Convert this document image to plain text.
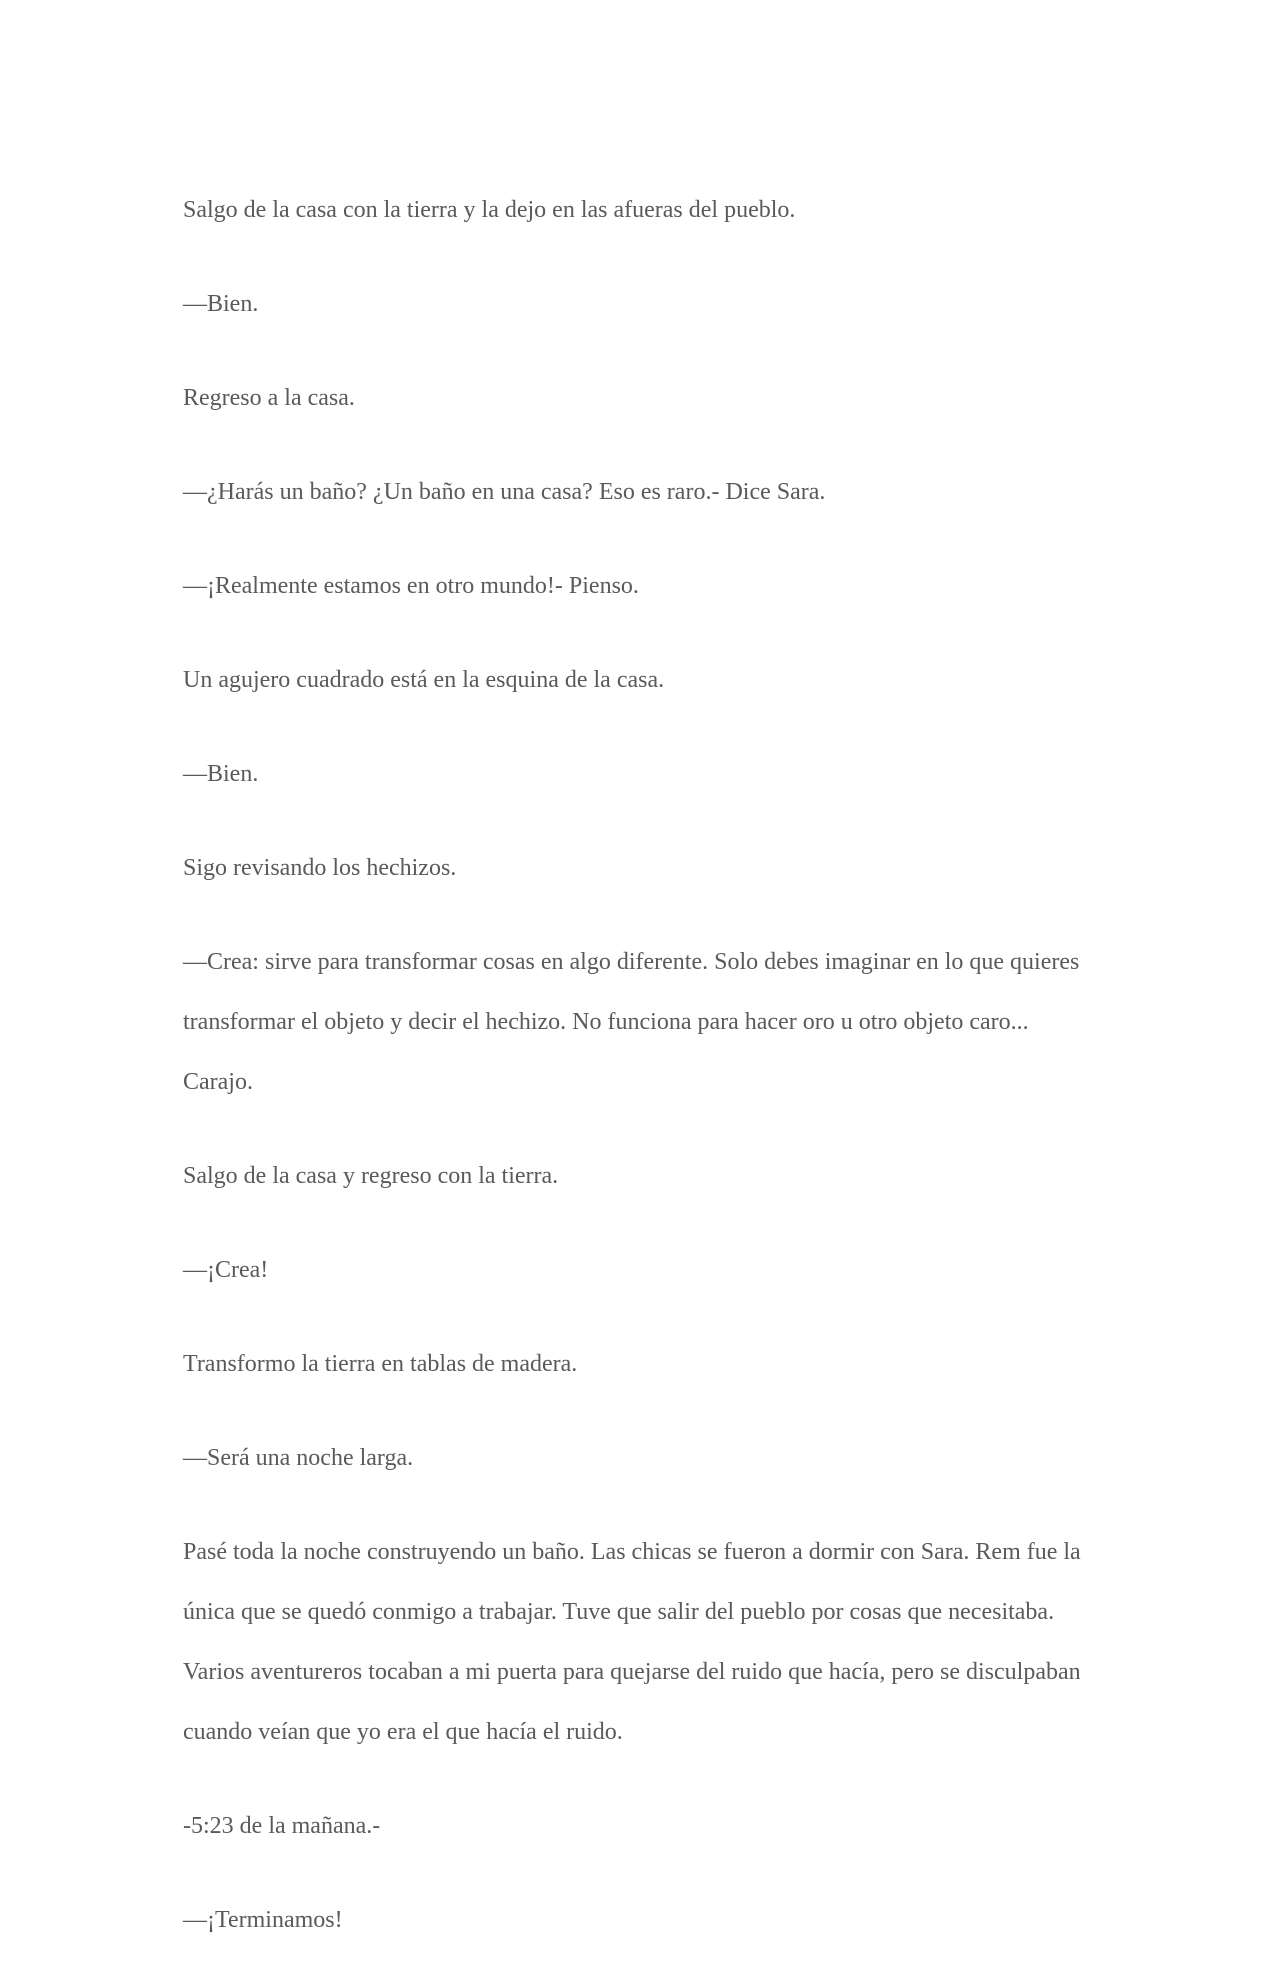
Salgo de la casa con la tierra y la dejo en las afueras del pueblo.

—Bien.

Regreso a la casa.

—¿Harás un baño? ¿Un baño en una casa? Eso es raro.- Dice Sara.

—¡Realmente estamos en otro mundo!- Pienso.

Un agujero cuadrado está en la esquina de la casa.

—Bien.

Sigo revisando los hechizos.

—Crea: sirve para transformar cosas en algo diferente. Solo debes imaginar en lo que quieres transformar el objeto y decir el hechizo. No funciona para hacer oro u otro objeto caro... Carajo.

Salgo de la casa y regreso con la tierra.

—¡Crea!

Transformo la tierra en tablas de madera.

—Será una noche larga.

Pasé toda la noche construyendo un baño. Las chicas se fueron a dormir con Sara. Rem fue la única que se quedó conmigo a trabajar. Tuve que salir del pueblo por cosas que necesitaba. Varios aventureros tocaban a mi puerta para quejarse del ruido que hacía, pero se disculpaban cuando veían que yo era el que hacía el ruido.

-5:23 de la mañana.-

—¡Terminamos!
